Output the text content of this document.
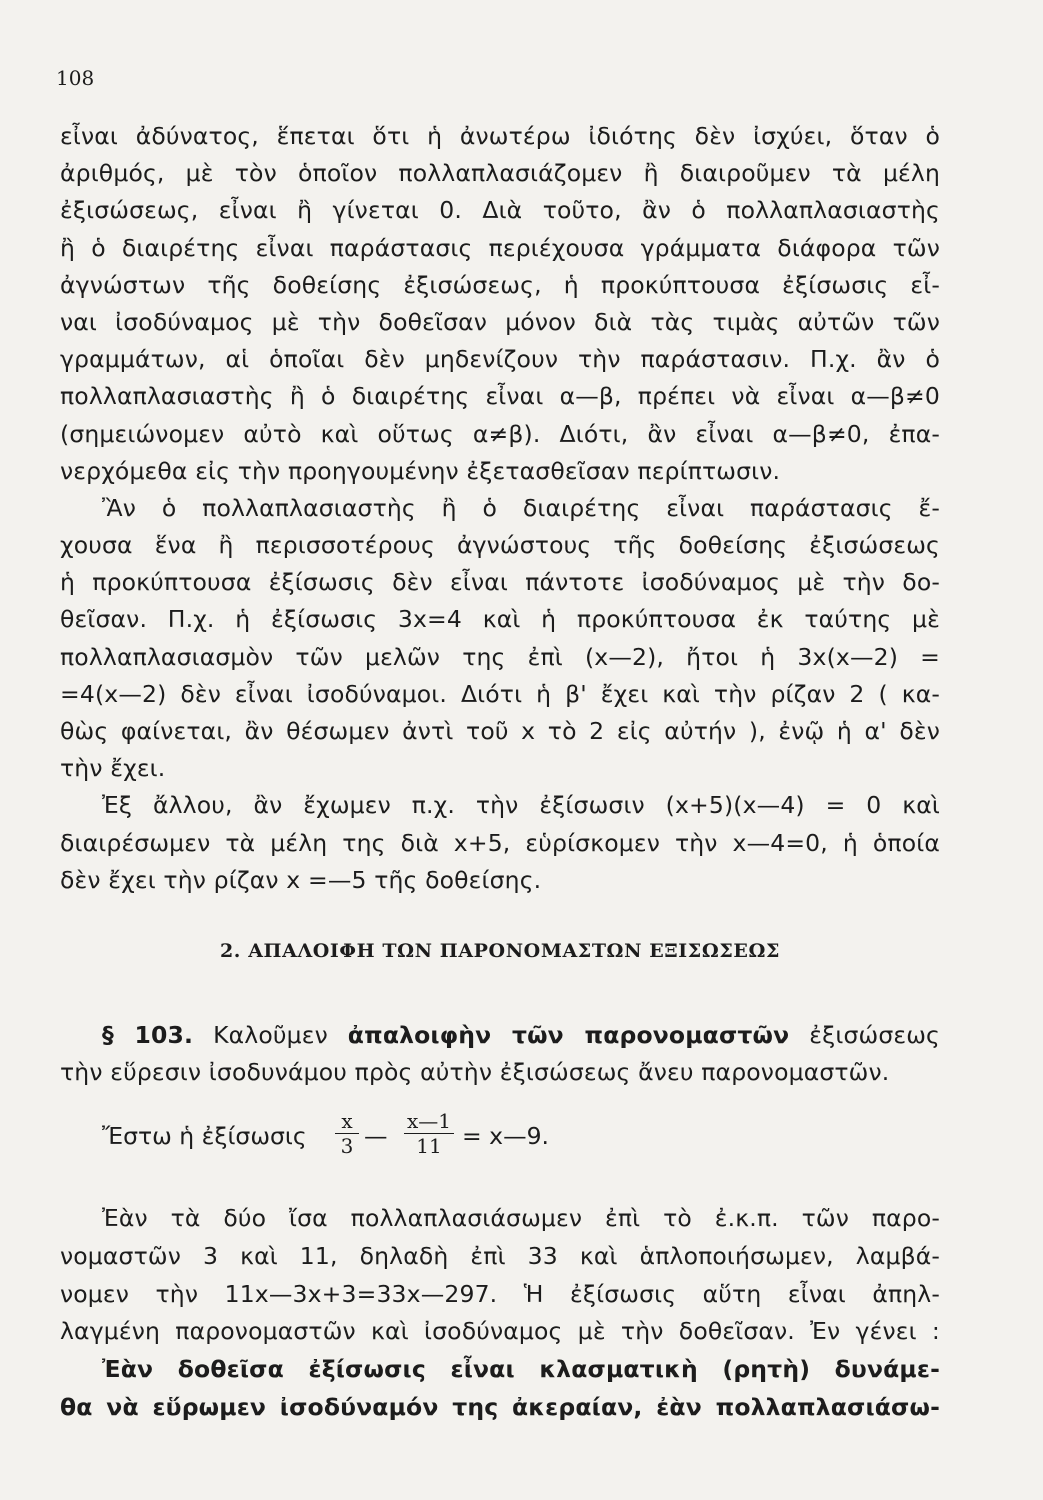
108
εἶναι ἀδύνατος, ἕπεται ὅτι ἡ ἀνωτέρω ἰδιότης δὲν ἰσχύει, ὅταν ὁ
ἀριθμός, μὲ τὸν ὁποῖον πολλαπλασιάζομεν ἢ διαιροῦμεν τὰ μέλη
ἐξισώσεως, εἶναι ἢ γίνεται 0. Διὰ τοῦτο, ἂν ὁ πολλαπλασιαστὴς
ἢ ὁ διαιρέτης εἶναι παράστασις περιέχουσα γράμματα διάφορα τῶν
ἀγνώστων τῆς δοθείσης ἐξισώσεως, ἡ προκύπτουσα ἐξίσωσις εἶ-
ναι ἰσοδύναμος μὲ τὴν δοθεῖσαν μόνον διὰ τὰς τιμὰς αὐτῶν τῶν
γραμμάτων, αἱ ὁποῖαι δὲν μηδενίζουν τὴν παράστασιν. Π.χ. ἂν ὁ
πολλαπλασιαστὴς ἢ ὁ διαιρέτης εἶναι α—β, πρέπει νὰ εἶναι α—β≠0
(σημειώνομεν αὐτὸ καὶ οὕτως α≠β). Διότι, ἂν εἶναι α—β≠0, ἐπα-
νερχόμεθα εἰς τὴν προηγουμένην ἐξετασθεῖσαν περίπτωσιν.
Ἂν ὁ πολλαπλασιαστὴς ἢ ὁ διαιρέτης εἶναι παράστασις ἔ-
χουσα ἕνα ἢ περισσοτέρους ἀγνώστους τῆς δοθείσης ἐξισώσεως
ἡ προκύπτουσα ἐξίσωσις δὲν εἶναι πάντοτε ἰσοδύναμος μὲ τὴν δο-
θεῖσαν. Π.χ. ἡ ἐξίσωσις 3x=4 καὶ ἡ προκύπτουσα ἐκ ταύτης μὲ
πολλαπλασιασμὸν τῶν μελῶν της ἐπὶ (x—2), ἤτοι ἡ 3x(x—2) =
=4(x—2) δὲν εἶναι ἰσοδύναμοι. Διότι ἡ β' ἔχει καὶ τὴν ρίζαν 2 ( κα-
θὼς φαίνεται, ἂν θέσωμεν ἀντὶ τοῦ x τὸ 2 εἰς αὐτήν ), ἐνῷ ἡ α' δὲν
τὴν ἔχει.
Ἐξ ἄλλου, ἂν ἔχωμεν π.χ. τὴν ἐξίσωσιν (x+5)(x—4) = 0 καὶ
διαιρέσωμεν τὰ μέλη της διὰ x+5, εὑρίσκομεν τὴν x—4=0, ἡ ὁποία
δὲν ἔχει τὴν ρίζαν x =—5 τῆς δοθείσης.
2. ΑΠΑΛΟΙΦΗ ΤΩΝ ΠΑΡΟΝΟΜΑΣΤΩΝ ΕΞΙΣΩΣΕΩΣ
§ 103. Καλοῦμεν ἀπαλοιφὴν τῶν παρονομαστῶν ἐξισώσεως
τὴν εὕρεσιν ἰσοδυνάμου πρὸς αὐτὴν ἐξισώσεως ἄνευ παρονομαστῶν.
Ἔστω ἡ ἐξίσωσις
x
3 —
x—1
11 = x—9.
Ἐὰν τὰ δύο ἴσα πολλαπλασιάσωμεν ἐπὶ τὸ ἐ.κ.π. τῶν παρο-
νομαστῶν 3 καὶ 11, δηλαδὴ ἐπὶ 33 καὶ ἁπλοποιήσωμεν, λαμβά-
νομεν τὴν 11x—3x+3=33x—297. Ἡ ἐξίσωσις αὕτη εἶναι ἀπηλ-
λαγμένη παρονομαστῶν καὶ ἰσοδύναμος μὲ τὴν δοθεῖσαν. Ἐν γένει :
Ἐὰν δοθεῖσα ἐξίσωσις εἶναι κλασματικὴ (ρητὴ) δυνάμε-
θα νὰ εὕρωμεν ἰσοδύναμόν της ἀκεραίαν, ἐὰν πολλαπλασιάσω-
